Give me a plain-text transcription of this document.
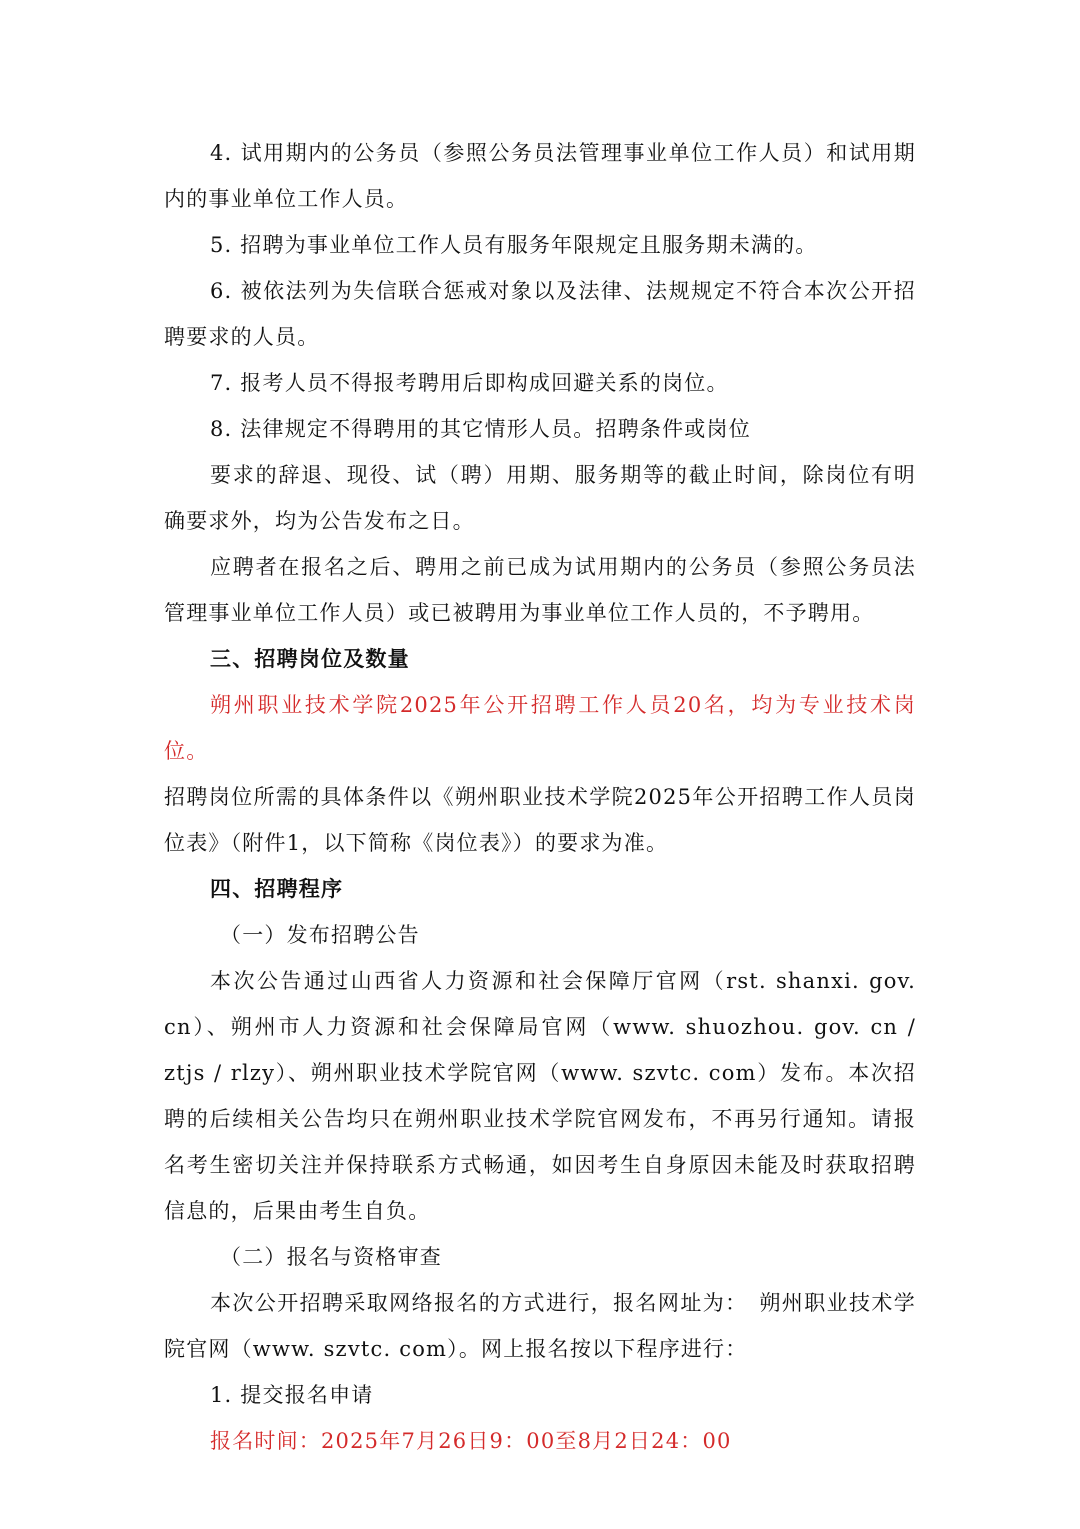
4. 试用期内的公务员（参照公务员法管理事业单位工作人员）和试用期内的事业单位工作人员。

5. 招聘为事业单位工作人员有服务年限规定且服务期未满的。

6. 被依法列为失信联合惩戒对象以及法律、法规规定不符合本次公开招聘要求的人员。

7. 报考人员不得报考聘用后即构成回避关系的岗位。

8. 法律规定不得聘用的其它情形人员。招聘条件或岗位

要求的辞退、现役、试（聘）用期、服务期等的截止时间，除岗位有明确要求外，均为公告发布之日。

应聘者在报名之后、聘用之前已成为试用期内的公务员（参照公务员法管理事业单位工作人员）或已被聘用为事业单位工作人员的，不予聘用。

三、招聘岗位及数量

朔州职业技术学院2025年公开招聘工作人员20名，均为专业技术岗位。

招聘岗位所需的具体条件以《朔州职业技术学院2025年公开招聘工作人员岗位表》（附件1，以下简称《岗位表》）的要求为准。

四、招聘程序

（一）发布招聘公告

本次公告通过山西省人力资源和社会保障厅官网（rst. shanxi. gov. cn）、朔州市人力资源和社会保障局官网（www. shuozhou. gov. cn / ztjs / rlzy）、朔州职业技术学院官网（www. szvtc. com）发布。本次招聘的后续相关公告均只在朔州职业技术学院官网发布，不再另行通知。请报名考生密切关注并保持联系方式畅通，如因考生自身原因未能及时获取招聘信息的，后果由考生自负。

（二）报名与资格审查

本次公开招聘采取网络报名的方式进行，报名网址为：　朔州职业技术学院官网（www. szvtc. com）。网上报名按以下程序进行：

1. 提交报名申请

报名时间：2025年7月26日9：00至8月2日24：00
